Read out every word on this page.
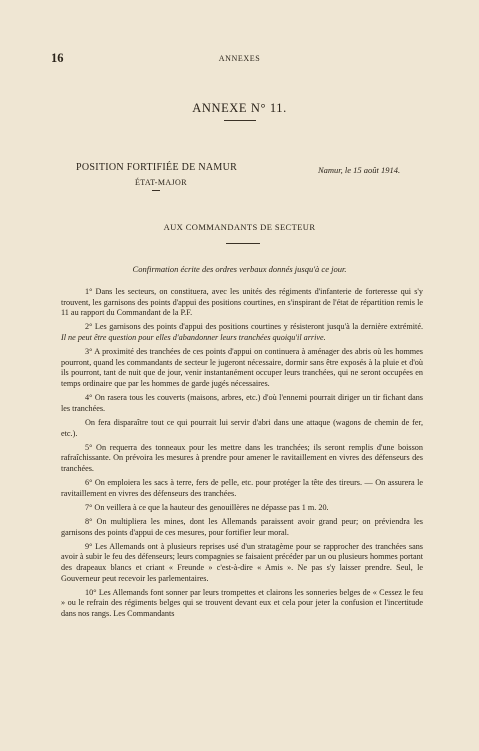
16	ANNEXES
ANNEXE N° 11.
POSITION FORTIFIÉE DE NAMUR
ÉTAT-MAJOR
Namur, le 15 août 1914.
AUX COMMANDANTS DE SECTEUR
Confirmation écrite des ordres verbaux donnés jusqu'à ce jour.

1° Dans les secteurs, on constituera, avec les unités des régiments d'infanterie de forteresse qui s'y trouvent, les garnisons des points d'appui des positions courtines, en s'inspirant de l'état de répartition remis le 11 au rapport du Commandant de la P.F.

2° Les garnisons des points d'appui des positions courtines y résisteront jusqu'à la dernière extrémité. Il ne peut être question pour elles d'abandonner leurs tranchées quoiqu'il arrive.

3° A proximité des tranchées de ces points d'appui on continuera à aménager des abris où les hommes pourront, quand les commandants de secteur le jugeront nécessaire, dormir sans être exposés à la pluie et d'où ils pourront, tant de nuit que de jour, venir instantanément occuper leurs tranchées, qui ne seront occupées en temps ordinaire que par les hommes de garde jugés nécessaires.

4° On rasera tous les couverts (maisons, arbres, etc.) d'où l'ennemi pourrait diriger un tir fichant dans les tranchées.

On fera disparaître tout ce qui pourrait lui servir d'abri dans une attaque (wagons de chemin de fer, etc.).

5° On requerra des tonneaux pour les mettre dans les tranchées; ils seront remplis d'une boisson rafraîchissante. On prévoira les mesures à prendre pour amener le ravitaillement en vivres des défenseurs des tranchées.

6° On emploiera les sacs à terre, fers de pelle, etc. pour protéger la tête des tireurs. — On assurera le ravitaillement en vivres des défenseurs des tranchées.

7° On veillera à ce que la hauteur des genouillères ne dépasse pas 1 m. 20.

8° On multipliera les mines, dont les Allemands paraissent avoir grand peur; on préviendra les garnisons des points d'appui de ces mesures, pour fortifier leur moral.

9° Les Allemands ont à plusieurs reprises usé d'un stratagème pour se rapprocher des tranchées sans avoir à subir le feu des défenseurs; leurs compagnies se faisaient précéder par un ou plusieurs hommes portant des drapeaux blancs et criant « Freunde » c'est-à-dire « Amis ». Ne pas s'y laisser prendre. Seul, le Gouverneur peut recevoir les parlementaires.

10° Les Allemands font sonner par leurs trompettes et clairons les sonneries belges de « Cessez le feu » ou le refrain des régiments belges qui se trouvent devant eux et cela pour jeter la confusion et l'incertitude dans nos rangs. Les Commandants
